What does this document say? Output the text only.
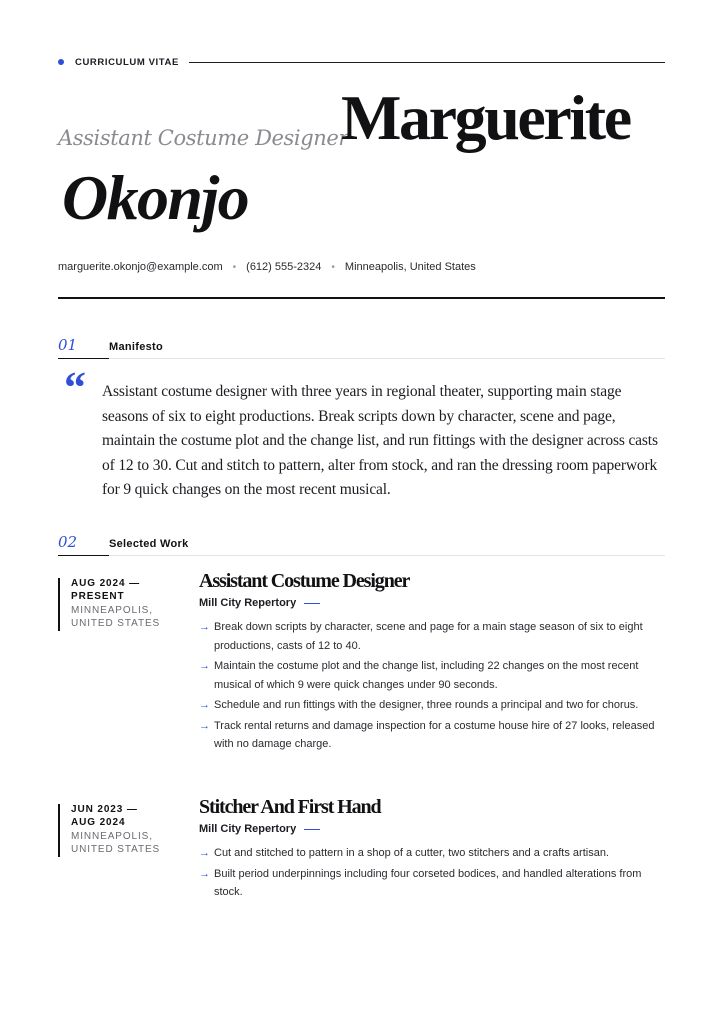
CURRICULUM VITAE
Assistant Costume Designer
Marguerite
Okonjo
marguerite.okonjo@example.com • (612) 555-2324 • Minneapolis, United States
01	Manifesto
“ Assistant costume designer with three years in regional theater, supporting main stage seasons of six to eight productions. Break scripts down by character, scene and page, maintain the costume plot and the change list, and run fittings with the designer across casts of 12 to 30. Cut and stitch to pattern, alter from stock, and ran the dressing room paperwork for 9 quick changes on the most recent musical.
02	Selected Work
AUG 2024 —
PRESENT
MINNEAPOLIS,
UNITED STATES
Assistant Costume Designer
Mill City Repertory
→ Break down scripts by character, scene and page for a main stage season of six to eight productions, casts of 12 to 40.
→ Maintain the costume plot and the change list, including 22 changes on the most recent musical of which 9 were quick changes under 90 seconds.
→ Schedule and run fittings with the designer, three rounds a principal and two for chorus.
→ Track rental returns and damage inspection for a costume house hire of 27 looks, released with no damage charge.
JUN 2023 —
AUG 2024
MINNEAPOLIS,
UNITED STATES
Stitcher And First Hand
Mill City Repertory
→ Cut and stitched to pattern in a shop of a cutter, two stitchers and a crafts artisan.
→ Built period underpinnings including four corseted bodices, and handled alterations from stock.
